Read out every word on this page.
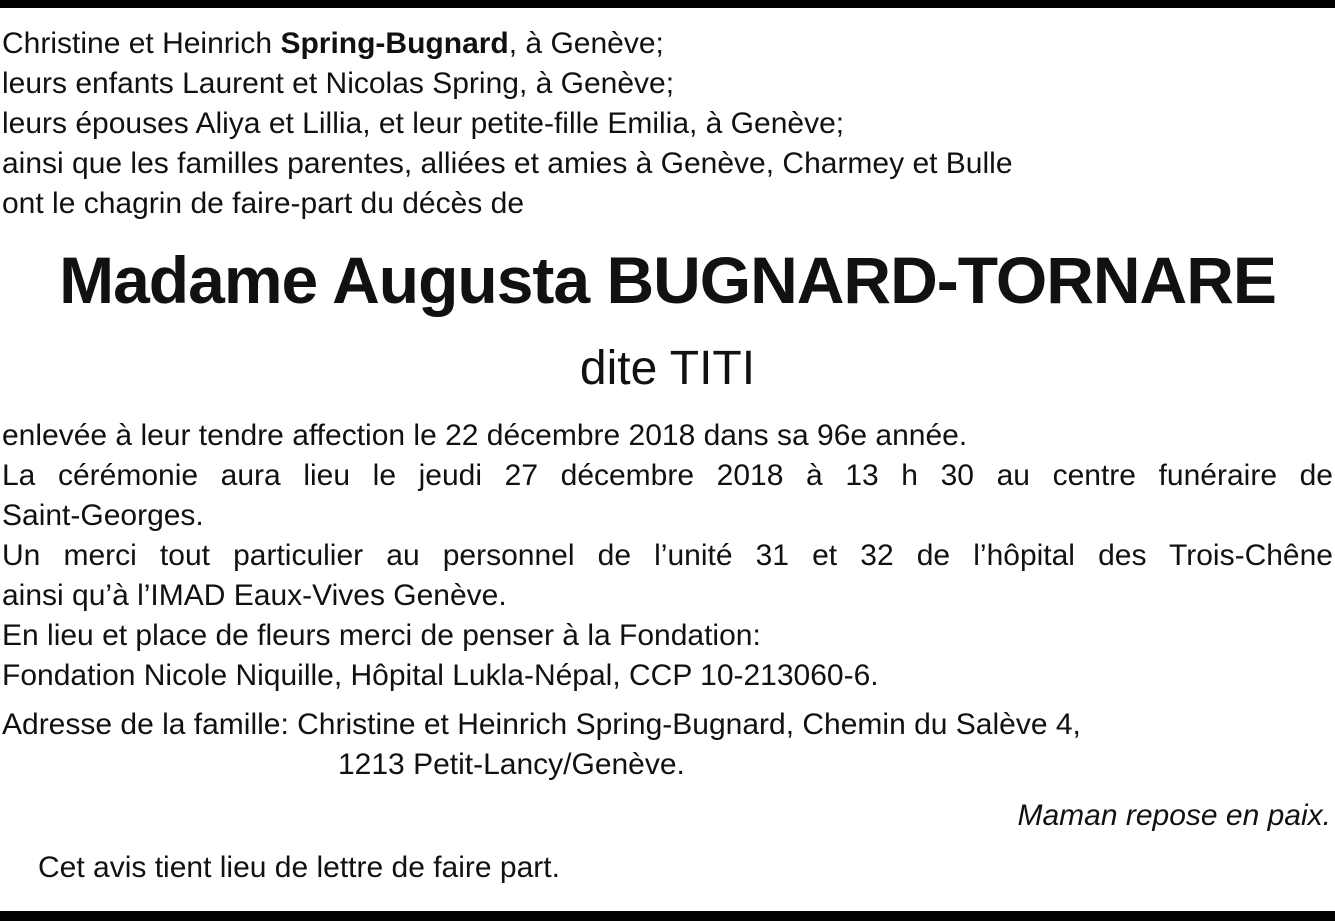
Christine et Heinrich Spring-Bugnard, à Genève;
leurs enfants Laurent et Nicolas Spring, à Genève;
leurs épouses Aliya et Lillia, et leur petite-fille Emilia, à Genève;
ainsi que les familles parentes, alliées et amies à Genève, Charmey et Bulle
ont le chagrin de faire-part du décès de

Madame Augusta BUGNARD-TORNARE

dite TITI

enlevée à leur tendre affection le 22 décembre 2018 dans sa 96e année.
La cérémonie aura lieu le jeudi 27 décembre 2018 à 13 h 30 au centre funéraire de
Saint-Georges.
Un merci tout particulier au personnel de l’unité 31 et 32 de l’hôpital des Trois-Chêne
ainsi qu’à l’IMAD Eaux-Vives Genève.
En lieu et place de fleurs merci de penser à la Fondation:
Fondation Nicole Niquille, Hôpital Lukla-Népal, CCP 10-213060-6.

Adresse de la famille: Christine et Heinrich Spring-Bugnard, Chemin du Salève 4,
1213 Petit-Lancy/Genève.

Maman repose en paix.

Cet avis tient lieu de lettre de faire part.
